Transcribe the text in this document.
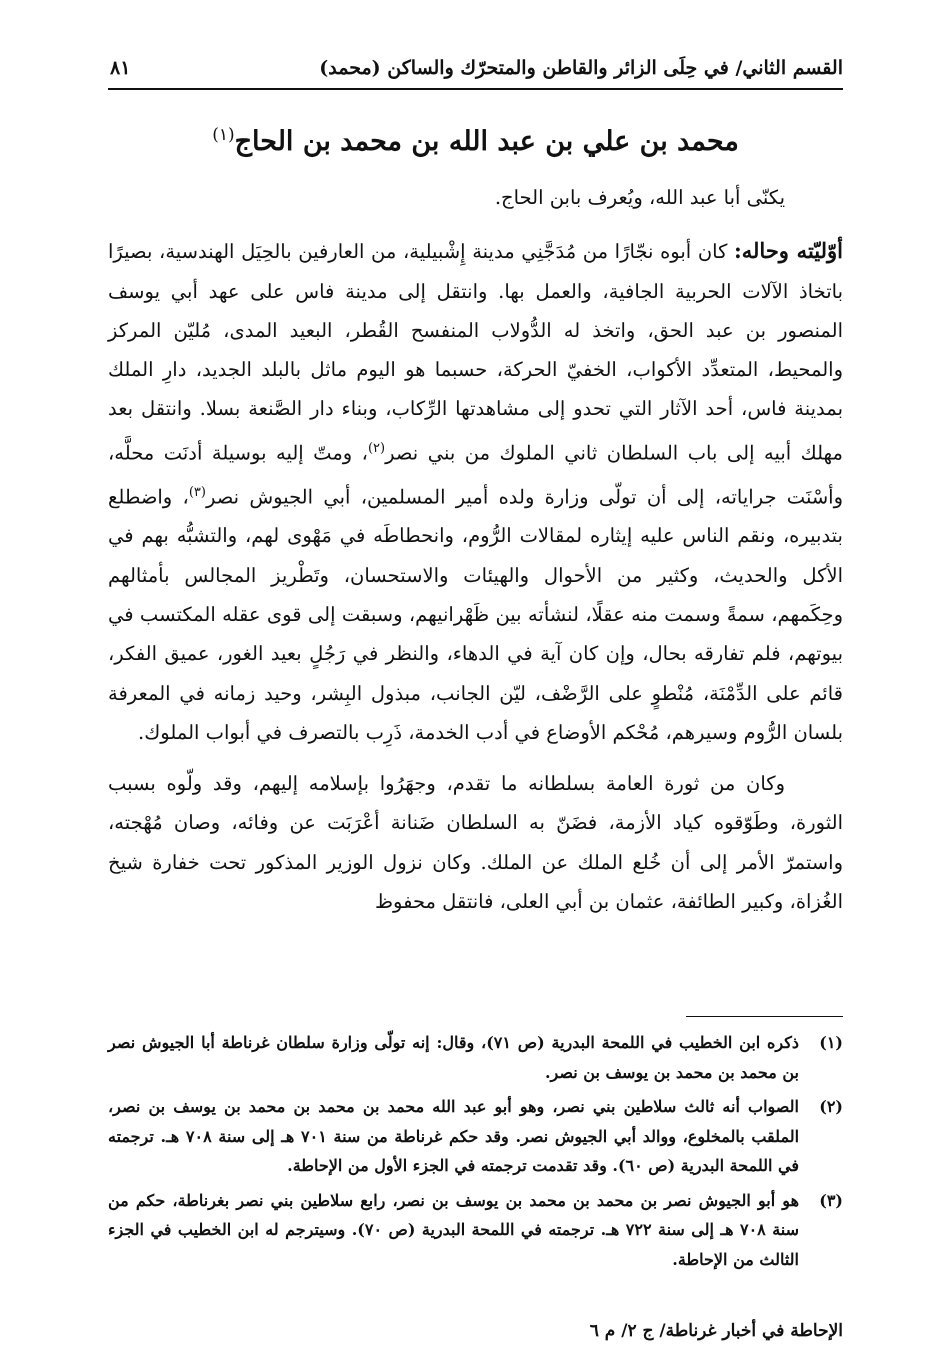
القسم الثاني/ في حِلَى الزائر والقاطن والمتحرّك والساكن (محمد)
٨١
محمد بن علي بن عبد الله بن محمد بن الحاج$^{(١)}$

يكنّى أبا عبد الله، ويُعرف بابن الحاج.

أوّليّته وحاله: كان أبوه نجّارًا من مُدَجَّنِي مدينة إِشْبيلية، من العارفين بالحِيَل الهندسية، بصيرًا باتخاذ الآلات الحربية الجافية، والعمل بها. وانتقل إلى مدينة فاس على عهد أبي يوسف المنصور بن عبد الحق، واتخذ له الدُّولاب المنفسح القُطر، البعيد المدى، مُليّن المركز والمحيط، المتعدِّد الأكواب، الخفيّ الحركة، حسبما هو اليوم ماثل بالبلد الجديد، دارِ الملك بمدينة فاس، أحد الآثار التي تحدو إلى مشاهدتها الرِّكاب، وبناء دار الصَّنعة بسلا. وانتقل بعد مهلك أبيه إلى باب السلطان ثاني الملوك من بني نصر$^{(٢)}$، ومتّ إليه بوسيلة أدنَت محلَّه، وأسْنَت جراياته، إلى أن تولّى وزارة ولده أمير المسلمين، أبي الجيوش نصر$^{(٣)}$، واضطلع بتدبيره، ونقم الناس عليه إيثاره لمقالات الرُّوم، وانحطاطَه في مَهْوى لهم، والتشبُّه بهم في الأكل والحديث، وكثير من الأحوال والهيئات والاستحسان، وتَطْريز المجالس بأمثالهم وحِكَمهم، سمةً وسمت منه عقلًا، لنشأته بين ظَهْرانيهم، وسبقت إلى قوى عقله المكتسب في بيوتهم، فلم تفارقه بحال، وإن كان آية في الدهاء، والنظر في رَجُلٍ بعيد الغور، عميق الفكر، قائم على الدِّمْنَة، مُنْطوٍ على الرَّضْف، ليّن الجانب، مبذول البِشر، وحيد زمانه في المعرفة بلسان الرُّوم وسيرهم، مُحْكم الأوضاع في أدب الخدمة، ذَرِب بالتصرف في أبواب الملوك.

وكان من ثورة العامة بسلطانه ما تقدم، وجهَرُوا بإسلامه إليهم، وقد ولّوه بسبب الثورة، وطَوّقوه كياد الأزمة، فضَنّ به السلطان ضَنانة أعْرَبَت عن وفائه، وصان مُهْجته، واستمرّ الأمر إلى أن خُلع الملك عن الملك. وكان نزول الوزير المذكور تحت خفارة شيخ الغُزاة، وكبير الطائفة، عثمان بن أبي العلى، فانتقل محفوظ

(١)
ذكره ابن الخطيب في اللمحة البدرية (ص ٧١)، وقال: إنه تولّى وزارة سلطان غرناطة أبا الجيوش نصر بن محمد بن محمد بن يوسف بن نصر.
(٢)
الصواب أنه ثالث سلاطين بني نصر، وهو أبو عبد الله محمد بن محمد بن محمد بن يوسف بن نصر، الملقب بالمخلوع، ووالد أبي الجيوش نصر. وقد حكم غرناطة من سنة ٧٠١ هـ إلى سنة ٧٠٨ هـ. ترجمته في اللمحة البدرية (ص ٦٠). وقد تقدمت ترجمته في الجزء الأول من الإحاطة.
(٣)
هو أبو الجيوش نصر بن محمد بن محمد بن يوسف بن نصر، رابع سلاطين بني نصر بغرناطة، حكم من سنة ٧٠٨ هـ إلى سنة ٧٢٢ هـ. ترجمته في اللمحة البدرية (ص ٧٠). وسيترجم له ابن الخطيب في الجزء الثالث من الإحاطة.
الإحاطة في أخبار غرناطة/ ج ٢/ م ٦
